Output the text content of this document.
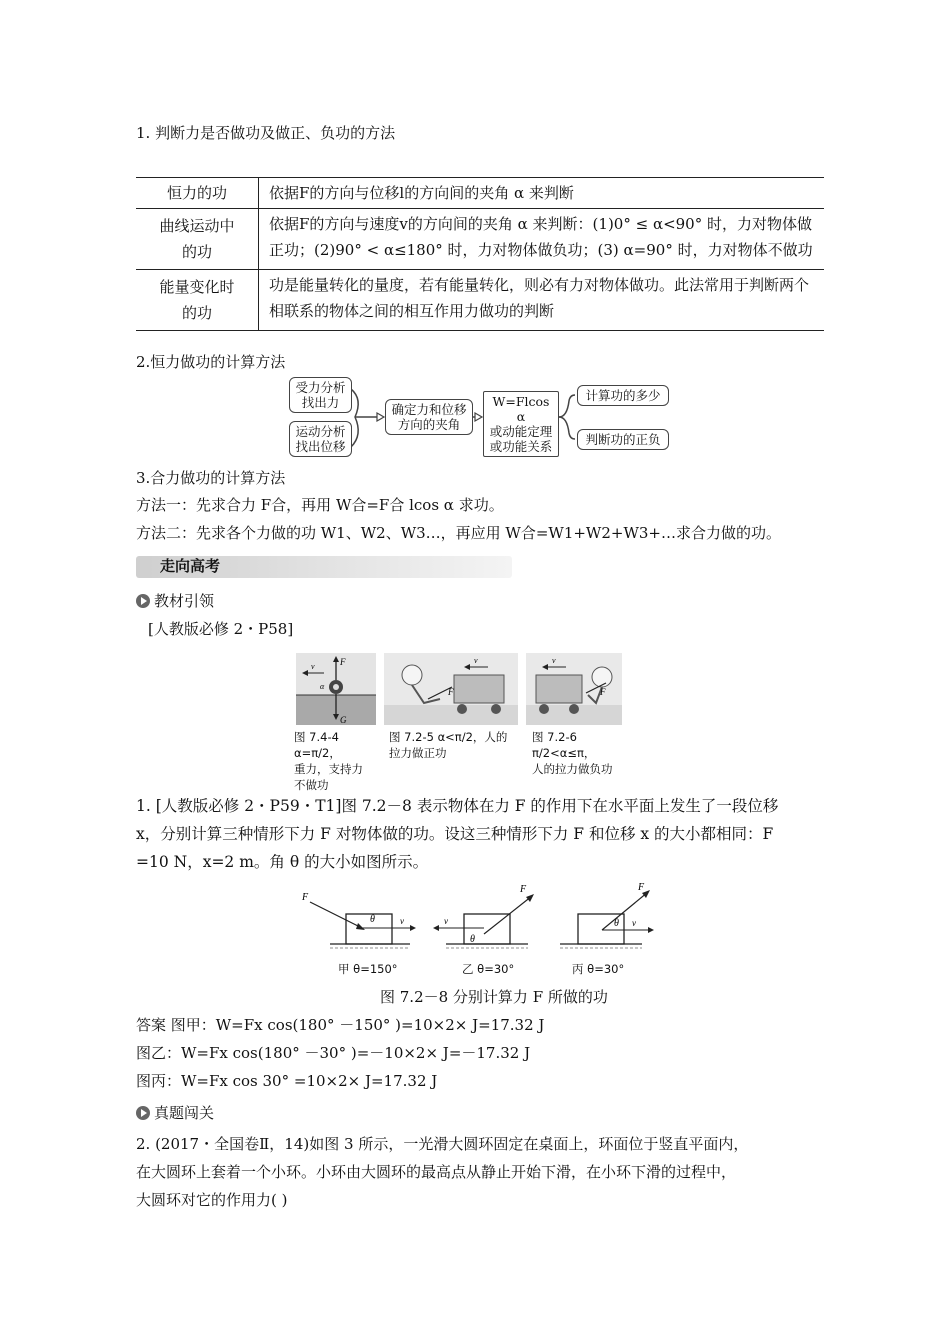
1. 判断力是否做功及做正、负功的方法
恒力的功	依据F的方向与位移l的方向间的夹角 α 来判断
曲线运动中的功	依据F的方向与速度v的方向间的夹角 α 来判断：(1)0° ≤ α<90° 时，力对物体做正功；(2)90° < α≤180° 时，力对物体做负功；(3) α=90° 时，力对物体不做功
能量变化时的功	功是能量转化的量度，若有能量转化，则必有力对物体做功。此法常用于判断两个相联系的物体之间的相互作用力做功的判断
2.恒力做功的计算方法
受力分析
找出力
运动分析
找出位移
确定力和位移
方向的夹角
W=Flcos α
或动能定理
或功能关系
计算功的多少
判断功的正负
3.合力做功的计算方法
方法一：先求合力 F合，再用 W合=F合 lcos α 求功。
方法二：先求各个力做的功 W1、W2、W3…，再应用 W合=W1+W2+W3+…求合力做的功。
走向高考
教材引领
[人教版必修 2・P58]
v	F
G
α
v
F
v
F
图 7.4-4 α=π/2，
重力，支持力
不做功
图 7.2-5 α<π/2，人的
拉力做正功
图 7.2-6 π/2<α≤π，
人的拉力做负功
1. [人教版必修 2・P59・T1]图 7.2－8 表示物体在力 F 的作用下在水平面上发生了一段位移
x，分别计算三种情形下力 F 对物体做的功。设这三种情形下力 F 和位移 x 的大小都相同：F
=10 N，x=2 m。角 θ 的大小如图所示。
F
θ	v
F
θ
v
F
θ v
甲 θ=150°	乙 θ=30°	丙 θ=30°
图 7.2－8 分别计算力 F 所做的功
答案 图甲：W=Fx cos(180° －150° )=10×2× J=17.32 J
图乙：W=Fx cos(180° －30° )=－10×2× J=－17.32 J
图丙：W=Fx cos 30° =10×2× J=17.32 J
真题闯关
2. (2017・全国卷Ⅱ，14)如图 3 所示，一光滑大圆环固定在桌面上，环面位于竖直平面内，
在大圆环上套着一个小环。小环由大圆环的最高点从静止开始下滑，在小环下滑的过程中，
大圆环对它的作用力( )
